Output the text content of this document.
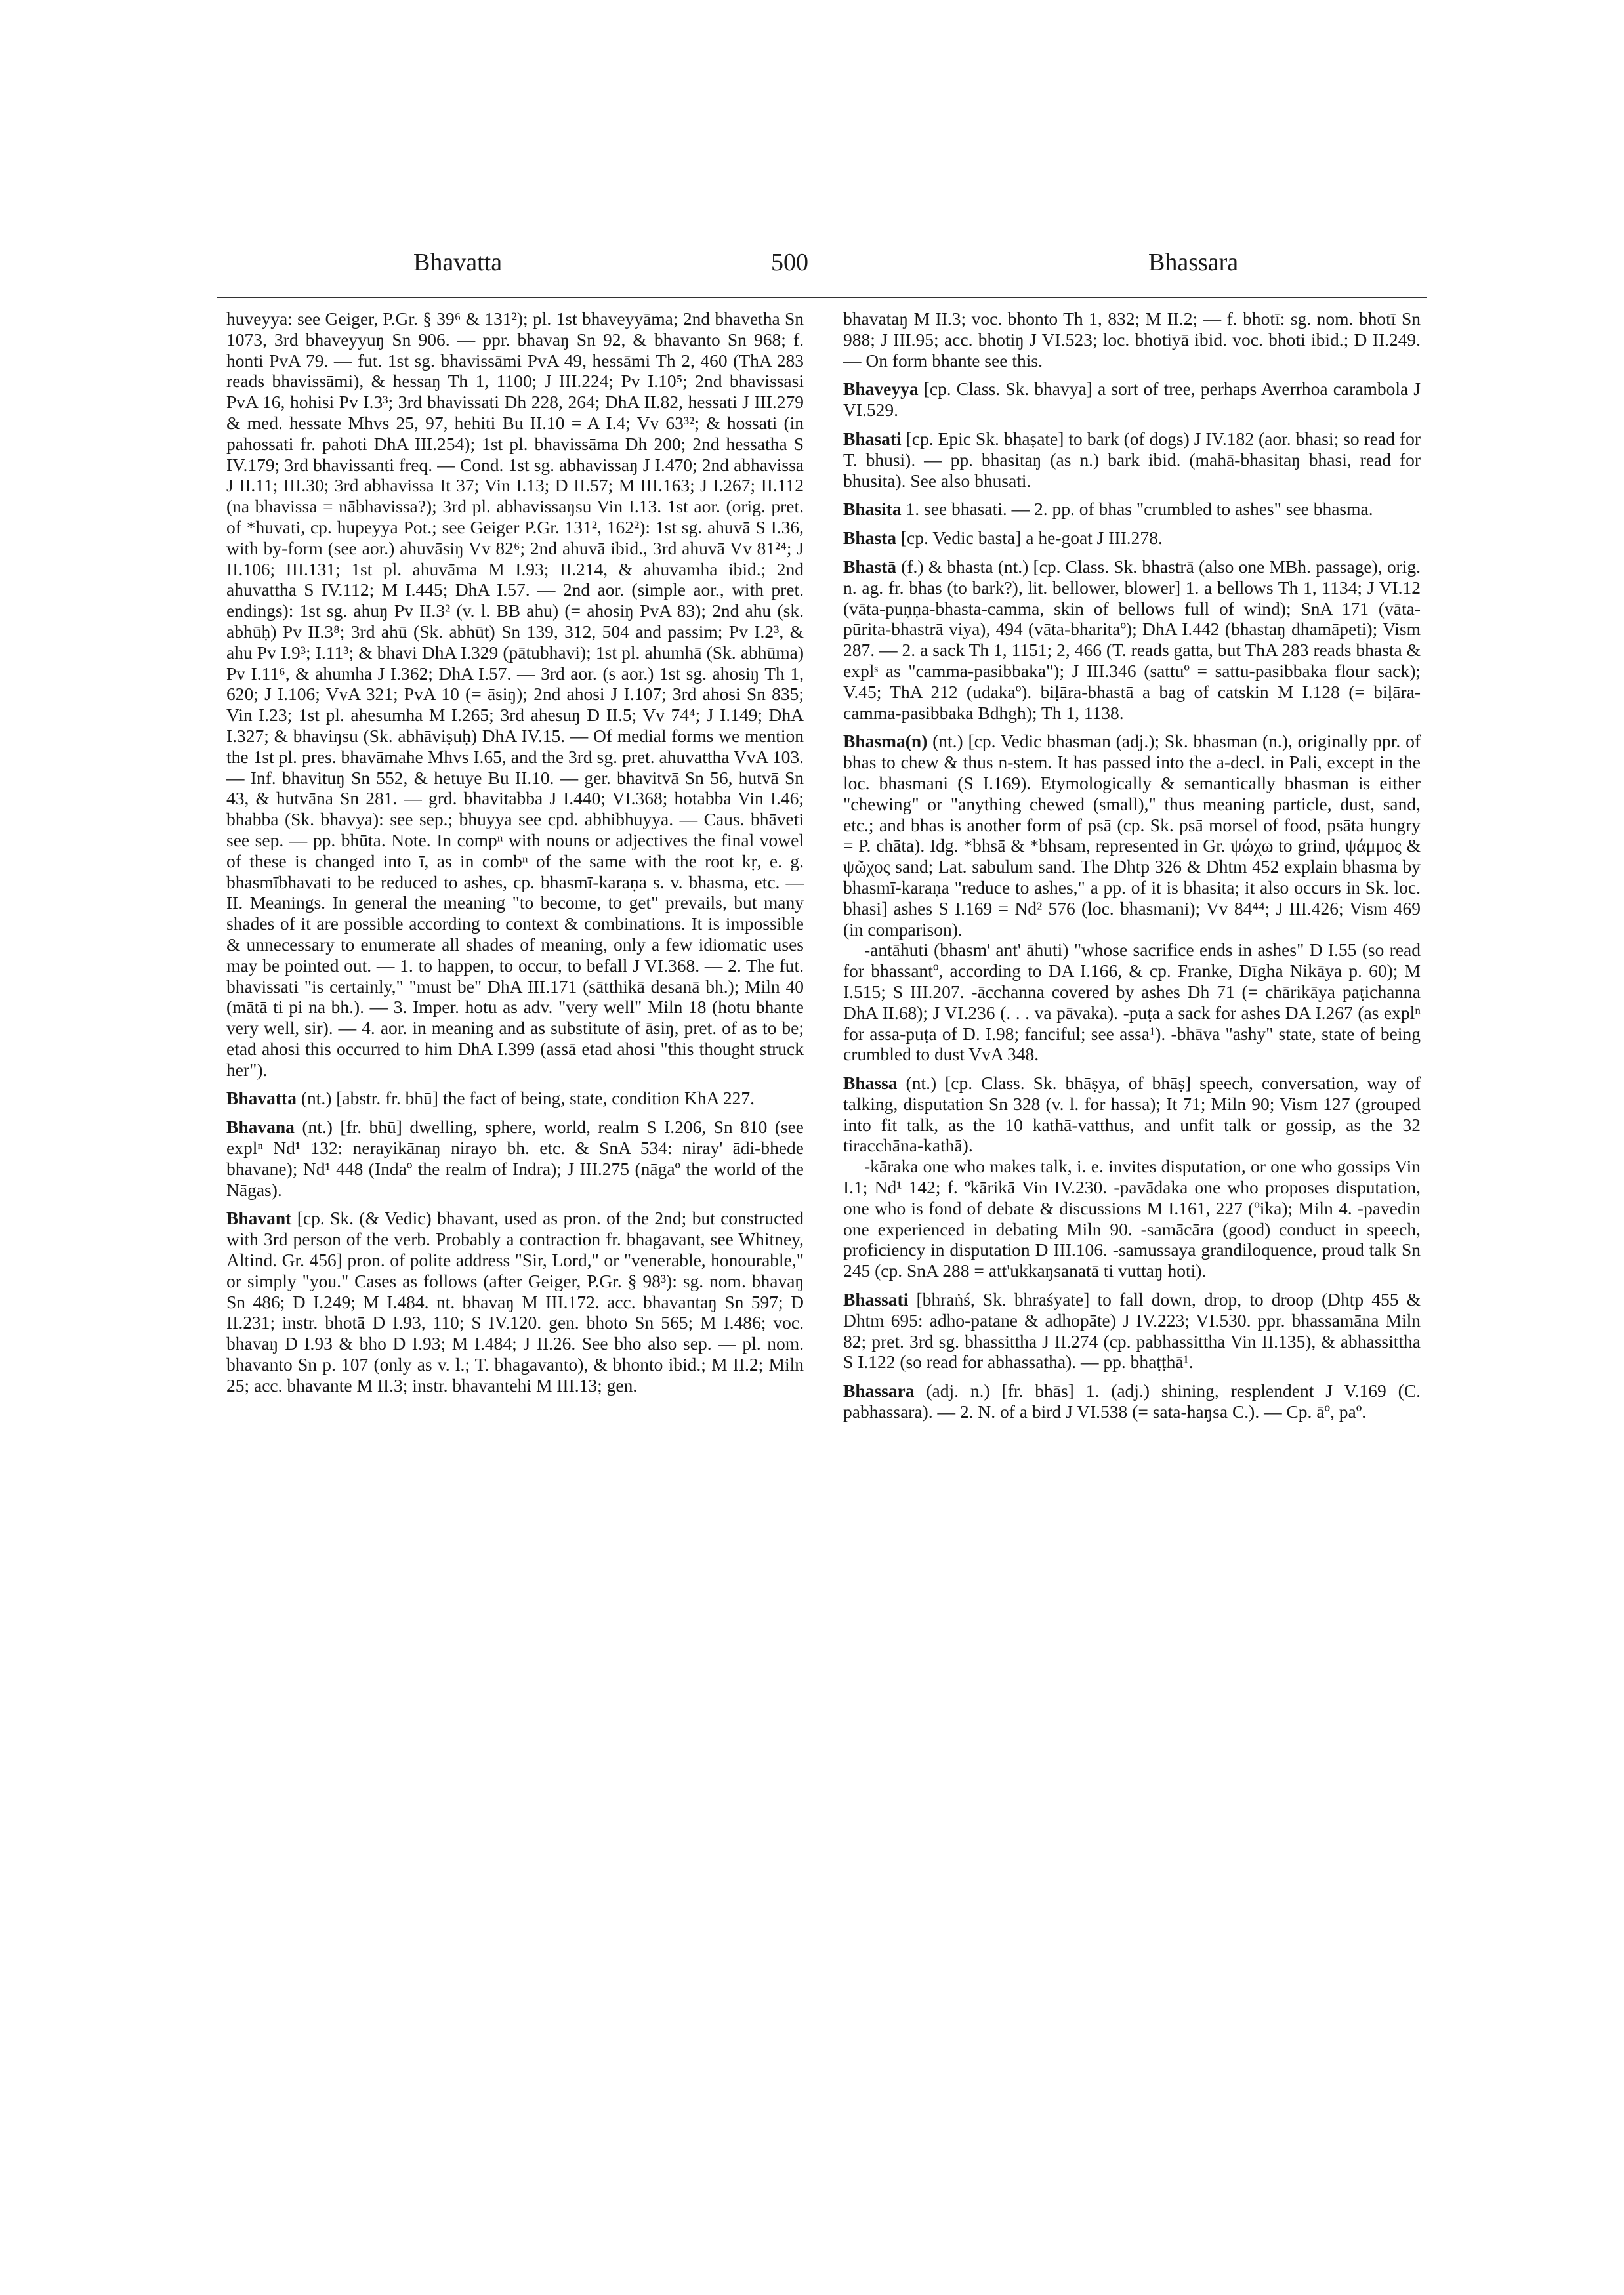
Bhavatta	500	Bhassara

huveyya: see Geiger, P.Gr. § 39⁶ & 131²); pl. 1st bhaveyyāma; 2nd bhavetha Sn 1073, 3rd bhaveyyuŋ Sn 906. — ppr. bhavaŋ Sn 92, & bhavanto Sn 968; f. honti PvA 79. — fut. 1st sg. bhavissāmi PvA 49, hessāmi Th 2, 460 (ThA 283 reads bhavissāmi), & hessaŋ Th 1, 1100; J III.224; Pv I.10⁵; 2nd bhavissasi PvA 16, hohisi Pv I.3³; 3rd bhavissati Dh 228, 264; DhA II.82, hessati J III.279 & med. hessate Mhvs 25, 97, hehiti Bu II.10 = A I.4; Vv 63³²; & hossati (in pahossati fr. pahoti DhA III.254); 1st pl. bhavissāma Dh 200; 2nd hessatha S IV.179; 3rd bhavissanti freq. — Cond. 1st sg. abhavissaŋ J I.470; 2nd abhavissa J II.11; III.30; 3rd abhavissa It 37; Vin I.13; D II.57; M III.163; J I.267; II.112 (na bhavissa = nābhavissa?); 3rd pl. abhavissaŋsu Vin I.13. 1st aor. (orig. pret. of *huvati, cp. hupeyya Pot.; see Geiger P.Gr. 131², 162²): 1st sg. ahuvā S I.36, with by-form (see aor.) ahuvāsiŋ Vv 82⁶; 2nd ahuvā ibid., 3rd ahuvā Vv 81²⁴; J II.106; III.131; 1st pl. ahuvāma M I.93; II.214, & ahuvamha ibid.; 2nd ahuvattha S IV.112; M I.445; DhA I.57. — 2nd aor. (simple aor., with pret. endings): 1st sg. ahuŋ Pv II.3² (v. l. BB ahu) (= ahosiŋ PvA 83); 2nd ahu (sk. abhūḥ) Pv II.3⁸; 3rd ahū (Sk. abhūt) Sn 139, 312, 504 and passim; Pv I.2³, & ahu Pv I.9³; I.11³; & bhavi DhA I.329 (pātubhavi); 1st pl. ahumhā (Sk. abhūma) Pv I.11⁶, & ahumha J I.362; DhA I.57. — 3rd aor. (s aor.) 1st sg. ahosiŋ Th 1, 620; J I.106; VvA 321; PvA 10 (= āsiŋ); 2nd ahosi J I.107; 3rd ahosi Sn 835; Vin I.23; 1st pl. ahesumha M I.265; 3rd ahesuŋ D II.5; Vv 74⁴; J I.149; DhA I.327; & bhaviŋsu (Sk. abhāviṣuḥ) DhA IV.15. — Of medial forms we mention the 1st pl. pres. bhavāmahe Mhvs I.65, and the 3rd sg. pret. ahuvattha VvA 103. — Inf. bhavituŋ Sn 552, & hetuye Bu II.10. — ger. bhavitvā Sn 56, hutvā Sn 43, & hutvāna Sn 281. — grd. bhavitabba J I.440; VI.368; hotabba Vin I.46; bhabba (Sk. bhavya): see sep.; bhuyya see cpd. abhibhuyya. — Caus. bhāveti see sep. — pp. bhūta. Note. In compⁿ with nouns or adjectives the final vowel of these is changed into ī, as in combⁿ of the same with the root kṛ, e. g. bhasmībhavati to be reduced to ashes, cp. bhasmī-karaṇa s. v. bhasma, etc. — II. Meanings. In general the meaning "to become, to get" prevails, but many shades of it are possible according to context & combinations. It is impossible & unnecessary to enumerate all shades of meaning, only a few idiomatic uses may be pointed out. — 1. to happen, to occur, to befall J VI.368. — 2. The fut. bhavissati "is certainly," "must be" DhA III.171 (sātthikā desanā bh.); Miln 40 (mātā ti pi na bh.). — 3. Imper. hotu as adv. "very well" Miln 18 (hotu bhante very well, sir). — 4. aor. in meaning and as substitute of āsiŋ, pret. of as to be; etad ahosi this occurred to him DhA I.399 (assā etad ahosi "this thought struck her").

Bhavatta (nt.) [abstr. fr. bhū] the fact of being, state, condition KhA 227.

Bhavana (nt.) [fr. bhū] dwelling, sphere, world, realm S I.206, Sn 810 (see explⁿ Nd¹ 132: nerayikānaŋ nirayo bh. etc. & SnA 534: niray' ādi-bhede bhavane); Nd¹ 448 (Indaº the realm of Indra); J III.275 (nāgaº the world of the Nāgas).

Bhavant [cp. Sk. (& Vedic) bhavant, used as pron. of the 2nd; but constructed with 3rd person of the verb. Probably a contraction fr. bhagavant, see Whitney, Altind. Gr. 456] pron. of polite address "Sir, Lord," or "venerable, honourable," or simply "you." Cases as follows (after Geiger, P.Gr. § 98³): sg. nom. bhavaŋ Sn 486; D I.249; M I.484. nt. bhavaŋ M III.172. acc. bhavantaŋ Sn 597; D II.231; instr. bhotā D I.93, 110; S IV.120. gen. bhoto Sn 565; M I.486; voc. bhavaŋ D I.93 & bho D I.93; M I.484; J II.26. See bho also sep. — pl. nom. bhavanto Sn p. 107 (only as v. l.; T. bhagavanto), & bhonto ibid.; M II.2; Miln 25; acc. bhavante M II.3; instr. bhavantehi M III.13; gen.

bhavataŋ M II.3; voc. bhonto Th 1, 832; M II.2; — f. bhotī: sg. nom. bhotī Sn 988; J III.95; acc. bhotiŋ J VI.523; loc. bhotiyā ibid. voc. bhoti ibid.; D II.249. — On form bhante see this.

Bhaveyya [cp. Class. Sk. bhavya] a sort of tree, perhaps Averrhoa carambola J VI.529.

Bhasati [cp. Epic Sk. bhaṣate] to bark (of dogs) J IV.182 (aor. bhasi; so read for T. bhusi). — pp. bhasitaŋ (as n.) bark ibid. (mahā-bhasitaŋ bhasi, read for bhusita). See also bhusati.

Bhasita 1. see bhasati. — 2. pp. of bhas "crumbled to ashes" see bhasma.

Bhasta [cp. Vedic basta] a he-goat J III.278.

Bhastā (f.) & bhasta (nt.) [cp. Class. Sk. bhastrā (also one MBh. passage), orig. n. ag. fr. bhas (to bark?), lit. bellower, blower] 1. a bellows Th 1, 1134; J VI.12 (vāta-puṇṇa-bhasta-camma, skin of bellows full of wind); SnA 171 (vāta-pūrita-bhastrā viya), 494 (vāta-bharitaº); DhA I.442 (bhastaŋ dhamāpeti); Vism 287. — 2. a sack Th 1, 1151; 2, 466 (T. reads gatta, but ThA 283 reads bhasta & explˢ as "camma-pasibbaka"); J III.346 (sattuº = sattu-pasibbaka flour sack); V.45; ThA 212 (udakaº). biḷāra-bhastā a bag of catskin M I.128 (= biḷāra-camma-pasibbaka Bdhgh); Th 1, 1138.

Bhasma(n) (nt.) [cp. Vedic bhasman (adj.); Sk. bhasman (n.), originally ppr. of bhas to chew & thus n-stem. It has passed into the a-decl. in Pali, except in the loc. bhasmani (S I.169). Etymologically & semantically bhasman is either "chewing" or "anything chewed (small)," thus meaning particle, dust, sand, etc.; and bhas is another form of psā (cp. Sk. psā morsel of food, psāta hungry = P. chāta). Idg. *bhsā & *bhsam, represented in Gr. ψώχω to grind, ψάμμος & ψῶχος sand; Lat. sabulum sand. The Dhtp 326 & Dhtm 452 explain bhasma by bhasmī-karaṇa "reduce to ashes," a pp. of it is bhasita; it also occurs in Sk. loc. bhasi] ashes S I.169 = Nd² 576 (loc. bhasmani); Vv 84⁴⁴; J III.426; Vism 469 (in comparison).

-antāhuti (bhasm' ant' āhuti) "whose sacrifice ends in ashes" D I.55 (so read for bhassantº, according to DA I.166, & cp. Franke, Dīgha Nikāya p. 60); M I.515; S III.207. -ācchanna covered by ashes Dh 71 (= chārikāya paṭichanna DhA II.68); J VI.236 (. . . va pāvaka). -puṭa a sack for ashes DA I.267 (as explⁿ for assa-puṭa of D. I.98; fanciful; see assa¹). -bhāva "ashy" state, state of being crumbled to dust VvA 348.

Bhassa (nt.) [cp. Class. Sk. bhāṣya, of bhāṣ] speech, conversation, way of talking, disputation Sn 328 (v. l. for hassa); It 71; Miln 90; Vism 127 (grouped into fit talk, as the 10 kathā-vatthus, and unfit talk or gossip, as the 32 tiracchāna-kathā).

-kāraka one who makes talk, i. e. invites disputation, or one who gossips Vin I.1; Nd¹ 142; f. ºkārikā Vin IV.230. -pavādaka one who proposes disputation, one who is fond of debate & discussions M I.161, 227 (ºika); Miln 4. -pavedin one experienced in debating Miln 90. -samācāra (good) conduct in speech, proficiency in disputation D III.106. -samussaya grandiloquence, proud talk Sn 245 (cp. SnA 288 = att'ukkaŋsanatā ti vuttaŋ hoti).

Bhassati [bhraṅś, Sk. bhraśyate] to fall down, drop, to droop (Dhtp 455 & Dhtm 695: adho-patane & adhopāte) J IV.223; VI.530. ppr. bhassamāna Miln 82; pret. 3rd sg. bhassittha J II.274 (cp. pabhassittha Vin II.135), & abhassittha S I.122 (so read for abhassatha). — pp. bhaṭṭhā¹.

Bhassara (adj. n.) [fr. bhās] 1. (adj.) shining, resplendent J V.169 (C. pabhassara). — 2. N. of a bird J VI.538 (= sata-haŋsa C.). — Cp. āº, paº.
